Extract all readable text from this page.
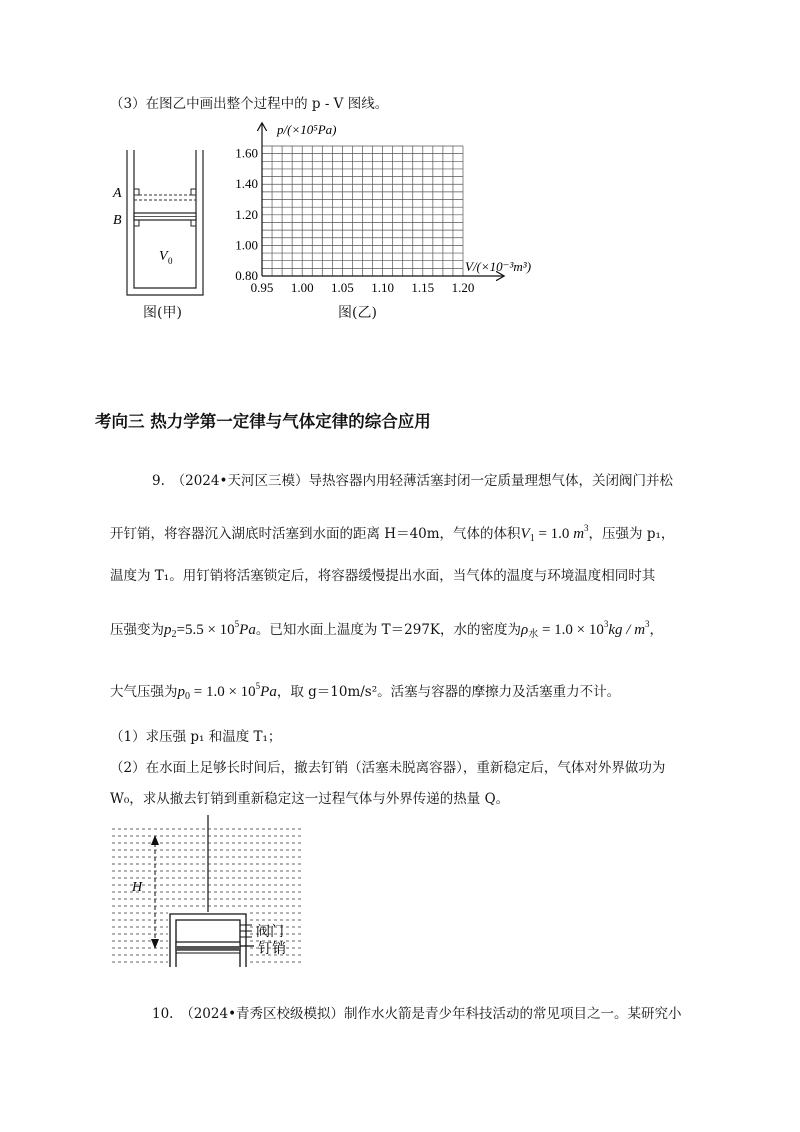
（3）在图乙中画出整个过程中的 p - V 图线。
A
B
V 0
图(甲)
0.95 1.00 1.05 1.10 1.15 1.20
0.80
1.00
1.20
1.40
1.60
p/(×10⁵Pa)
V/(×10⁻³m³)
图(乙)
考向三 热力学第一定律与气体定律的综合应用
9.　（2024•天河区三模）导热容器内用轻薄活塞封闭一定质量理想气体，关闭阀门并松
开钉销，将容器沉入湖底时活塞到水面的距离 H＝40m，气体的体积$V_1 = 1.0$ $m^3$，压强为 p₁，
温度为 T₁。用钉销将活塞锁定后，将容器缓慢提出水面，当气体的温度与环境温度相同时其
压强变为$p_2=5.5 \times 10^5Pa$。已知水面上温度为 T＝297K，水的密度为$\rho_水 = 1.0 \times 10^3kg / m^3$，
大气压强为$p_0 = 1.0 \times 10^5Pa$，取 g＝10m/s²。活塞与容器的摩擦力及活塞重力不计。
（1）求压强 p₁ 和温度 T₁；
（2）在水面上足够长时间后，撤去钉销（活塞未脱离容器），重新稳定后，气体对外界做功为
W₀，求从撤去钉销到重新稳定这一过程气体与外界传递的热量 Q。
H
阀门
钉销
10.　（2024•青秀区校级模拟）制作水火箭是青少年科技活动的常见项目之一。某研究小
